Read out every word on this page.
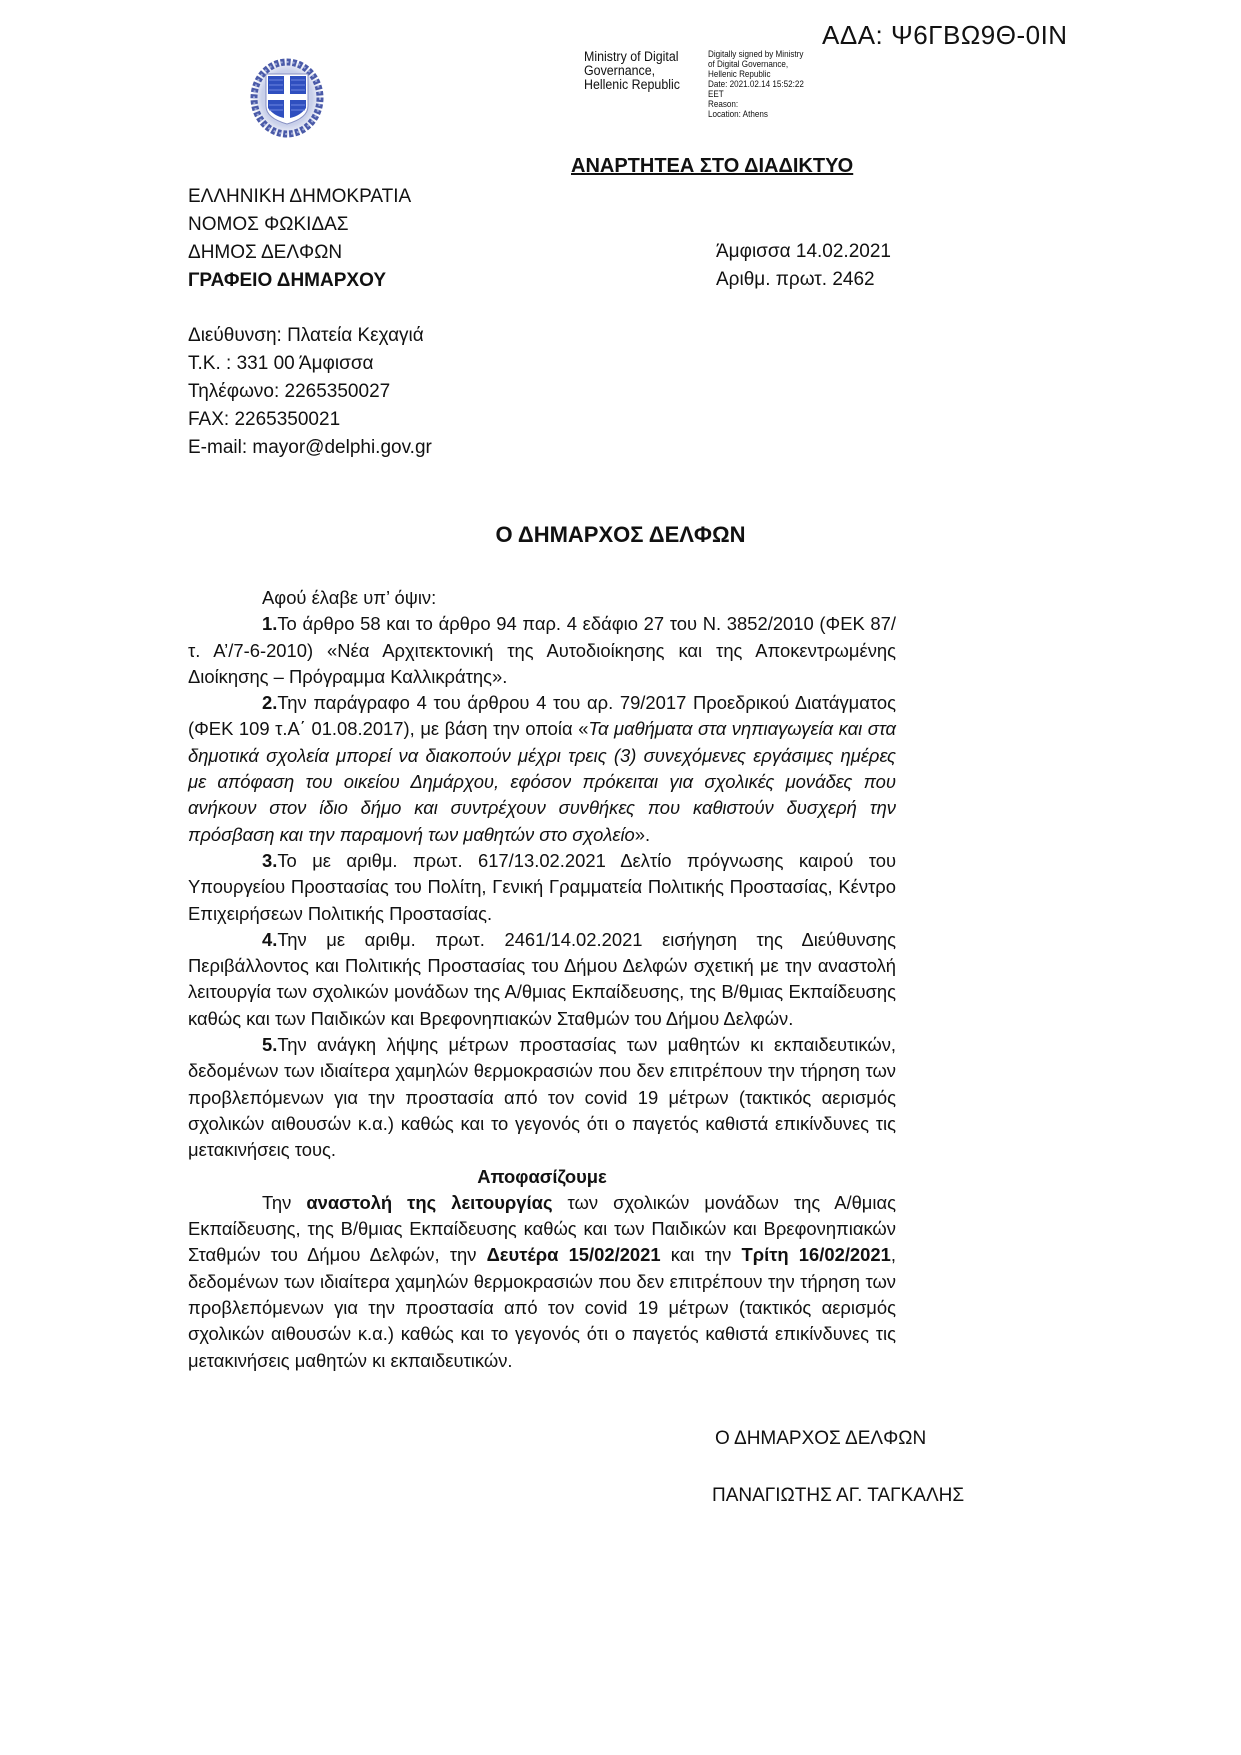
ΑΔΑ: Ψ6ΓΒΩ9Θ-0ΙΝ
Ministry of Digital
Governance,
Hellenic Republic
Digitally signed by Ministry
of Digital Governance,
Hellenic Republic
Date: 2021.02.14 15:52:22
EET
Reason:
Location: Athens
ΑΝΑΡΤΗΤΕΑ ΣΤΟ ΔΙΑΔΙΚΤΥΟ
ΕΛΛΗΝΙΚΗ ΔΗΜΟΚΡΑΤΙΑ
ΝΟΜΟΣ ΦΩΚΙΔΑΣ
ΔΗΜΟΣ ΔΕΛΦΩΝ
ΓΡΑΦΕΙΟ ΔΗΜΑΡΧΟΥ
Άμφισσα 14.02.2021
Αριθμ. πρωτ. 2462
Διεύθυνση: Πλατεία Κεχαγιά
Τ.Κ. : 331 00 Άμφισσα
Τηλέφωνο: 2265350027
FAX: 2265350021
E-mail: mayor@delphi.gov.gr
Ο ΔΗΜΑΡΧΟΣ ΔΕΛΦΩΝ

Αφού έλαβε υπ’ όψιν:

1.Το άρθρο 58 και το άρθρο 94 παρ. 4 εδάφιο 27 του Ν. 3852/2010 (ΦΕΚ 87/τ. Α’/7-6-2010) «Νέα Αρχιτεκτονική της Αυτοδιοίκησης και της Αποκεντρωμένης Διοίκησης – Πρόγραμμα Καλλικράτης».

2.Την παράγραφο 4 του άρθρου 4 του αρ. 79/2017 Προεδρικού Διατάγματος (ΦΕΚ 109 τ.Α΄ 01.08.2017), με βάση την οποία «Τα μαθήματα στα νηπιαγωγεία και στα δημοτικά σχολεία μπορεί να διακοπούν μέχρι τρεις (3) συνεχόμενες εργάσιμες ημέρες με απόφαση του οικείου Δημάρχου, εφόσον πρόκειται για σχολικές μονάδες που ανήκουν στον ίδιο δήμο και συντρέχουν συνθήκες που καθιστούν δυσχερή την πρόσβαση και την παραμονή των μαθητών στο σχολείο».

3.Το με αριθμ. πρωτ. 617/13.02.2021 Δελτίο πρόγνωσης καιρού του Υπουργείου Προστασίας του Πολίτη, Γενική Γραμματεία Πολιτικής Προστασίας, Κέντρο Επιχειρήσεων Πολιτικής Προστασίας.

4.Την με αριθμ. πρωτ. 2461/14.02.2021 εισήγηση της Διεύθυνσης Περιβάλλοντος και Πολιτικής Προστασίας του Δήμου Δελφών σχετική με την αναστολή λειτουργία των σχολικών μονάδων της Α/θμιας Εκπαίδευσης, της Β/θμιας Εκπαίδευσης καθώς και των Παιδικών και Βρεφονηπιακών Σταθμών του Δήμου Δελφών.

5.Την ανάγκη λήψης μέτρων προστασίας των μαθητών κι εκπαιδευτικών, δεδομένων των ιδιαίτερα χαμηλών θερμοκρασιών που δεν επιτρέπουν την τήρηση των προβλεπόμενων για την προστασία από τον covid 19 μέτρων (τακτικός αερισμός σχολικών αιθουσών κ.α.) καθώς και το γεγονός ότι ο παγετός καθιστά επικίνδυνες τις μετακινήσεις τους.

Αποφασίζουμε

Την αναστολή της λειτουργίας των σχολικών μονάδων της Α/θμιας Εκπαίδευσης, της Β/θμιας Εκπαίδευσης καθώς και των Παιδικών και Βρεφονηπιακών Σταθμών του Δήμου Δελφών, την Δευτέρα 15/02/2021 και την Τρίτη 16/02/2021, δεδομένων των ιδιαίτερα χαμηλών θερμοκρασιών που δεν επιτρέπουν την τήρηση των προβλεπόμενων για την προστασία από τον covid 19 μέτρων (τακτικός αερισμός σχολικών αιθουσών κ.α.) καθώς και το γεγονός ότι ο παγετός καθιστά επικίνδυνες τις μετακινήσεις μαθητών κι εκπαιδευτικών.

Ο ΔΗΜΑΡΧΟΣ ΔΕΛΦΩΝ
ΠΑΝΑΓΙΩΤΗΣ ΑΓ. ΤΑΓΚΑΛΗΣ
